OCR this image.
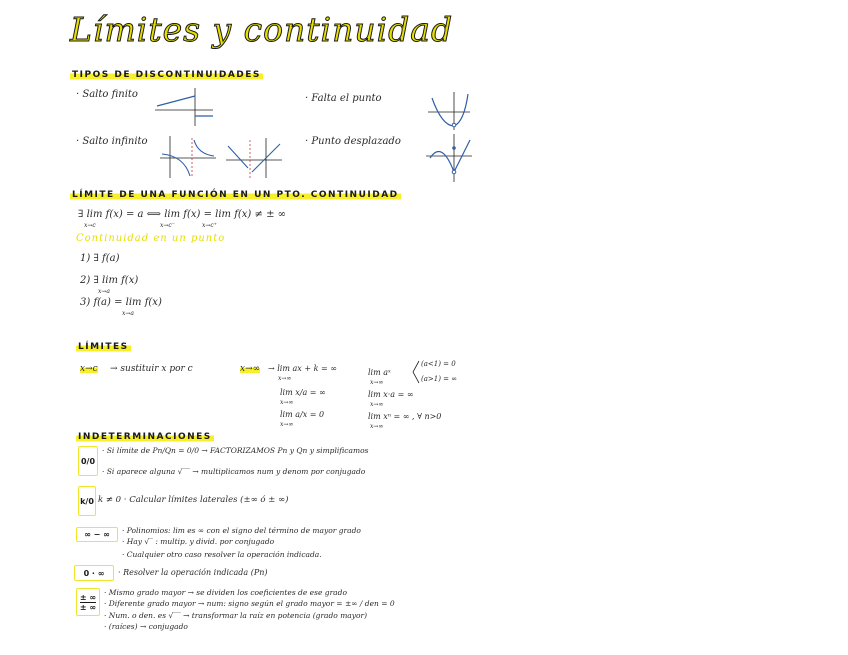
Límites y continuidad
TIPOS DE DISCONTINUIDADES
· Salto finito	· Falta el punto
· Salto infinito	· Punto desplazado
LÍMITE DE UNA FUNCIÓN EN UN PTO. CONTINUIDAD
∃ lim f(x) = a ⟺ lim f(x) = lim f(x) ≠ ± ∞
x→c	x→c⁻	x→c⁺
Continuidad en un punto
1) ∃ f(a)
2) ∃ lim f(x)
x→a
3) f(a) = lim f(x)
x→a
LÍMITES
x→c → sustituir x por c	x→∞ → lim ax + k = ∞
x→∞
lim x/a = ∞
x→∞
lim a/x = 0
x→∞
lim aˣ
x→∞
(a<1) = 0
(a>1) = ∞
lim x·a = ∞
x→∞
lim xⁿ = ∞ , ∀ n>0
x→∞
INDETERMINACIONES
0/0
· Si límite de Pn/Qn = 0/0 → FACTORIZAMOS Pn y Qn y simplificamos
· Si aparece alguna √‾‾ → multiplicamos num y denom por conjugado
k/0 k ≠ 0 · Calcular límites laterales (±∞ ó ± ∞)
∞ − ∞	· Polinomios: lim es ∞ con el signo del término de mayor grado
· Hay √‾ : multip. y divid. por conjugado
· Cualquier otro caso resolver la operación indicada.
0 · ∞	· Resolver la operación indicada (Pn)
± ∞
± ∞
· Mismo grado mayor → se dividen los coeficientes de ese grado
· Diferente grado mayor → num: signo según el grado mayor = ±∞ / den = 0
· Num. o den. es √‾‾ → transformar la raíz en potencia (grado mayor)
· (raíces) → conjugado
